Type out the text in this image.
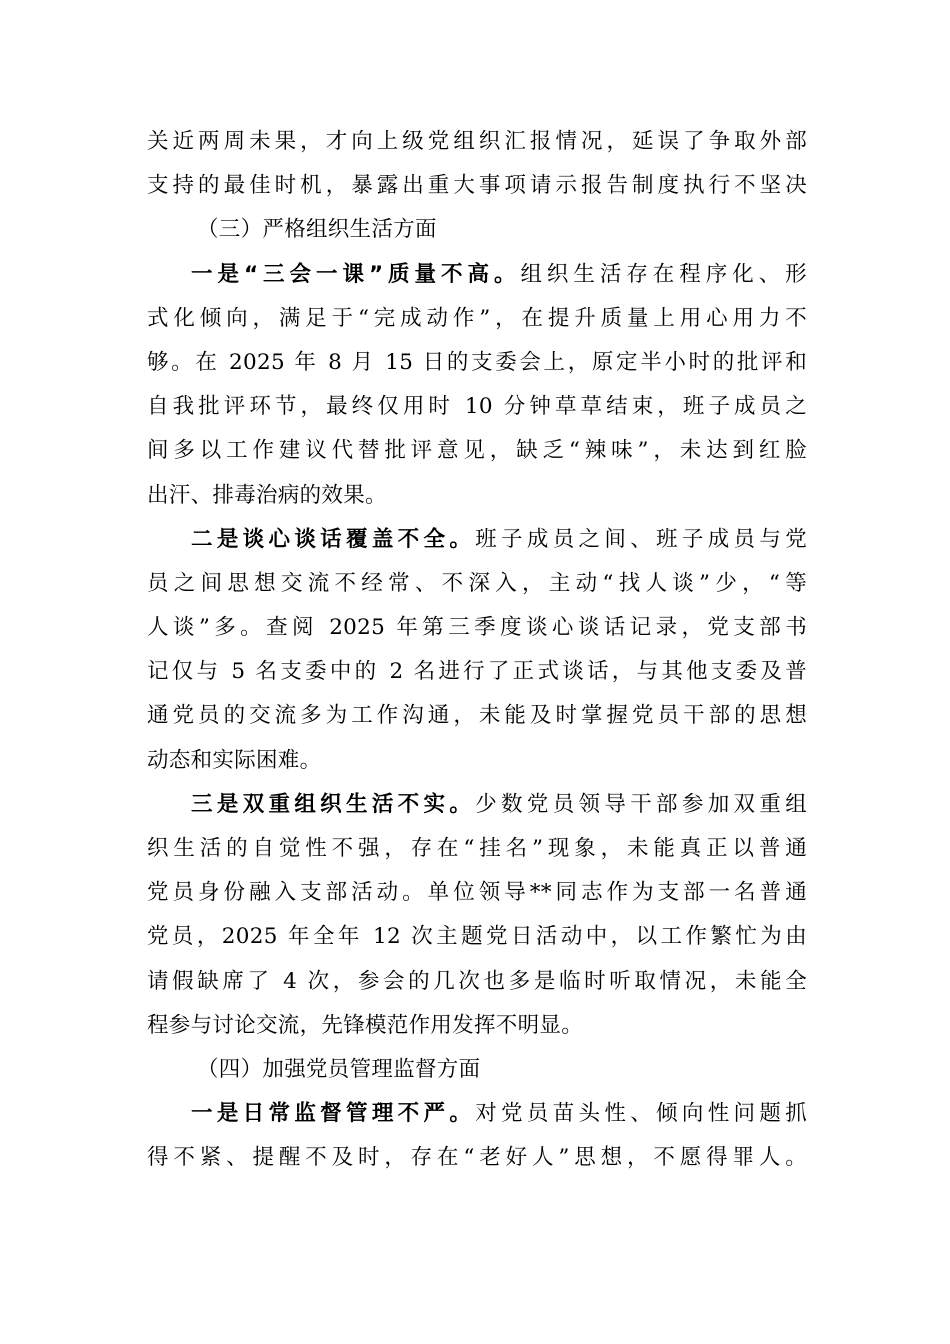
关近两周未果，才向上级党组织汇报情况，延误了争取外部
支持的最佳时机，暴露出重大事项请示报告制度执行不坚决
（三）严格组织生活方面
一是“三会一课”质量不高。组织生活存在程序化、形
式化倾向，满足于“完成动作”，在提升质量上用心用力不
够。在 2025 年 8 月 15 日的支委会上，原定半小时的批评和
自我批评环节，最终仅用时 10 分钟草草结束，班子成员之
间多以工作建议代替批评意见，缺乏“辣味”，未达到红脸
出汗、排毒治病的效果。
二是谈心谈话覆盖不全。班子成员之间、班子成员与党
员之间思想交流不经常、不深入，主动“找人谈”少，“等
人谈”多。查阅 2025 年第三季度谈心谈话记录，党支部书
记仅与 5 名支委中的 2 名进行了正式谈话，与其他支委及普
通党员的交流多为工作沟通，未能及时掌握党员干部的思想
动态和实际困难。
三是双重组织生活不实。少数党员领导干部参加双重组
织生活的自觉性不强，存在“挂名”现象，未能真正以普通
党员身份融入支部活动。单位领导**同志作为支部一名普通
党员，2025 年全年 12 次主题党日活动中，以工作繁忙为由
请假缺席了 4 次，参会的几次也多是临时听取情况，未能全
程参与讨论交流，先锋模范作用发挥不明显。
（四）加强党员管理监督方面
一是日常监督管理不严。对党员苗头性、倾向性问题抓
得不紧、提醒不及时，存在“老好人”思想，不愿得罪人。
